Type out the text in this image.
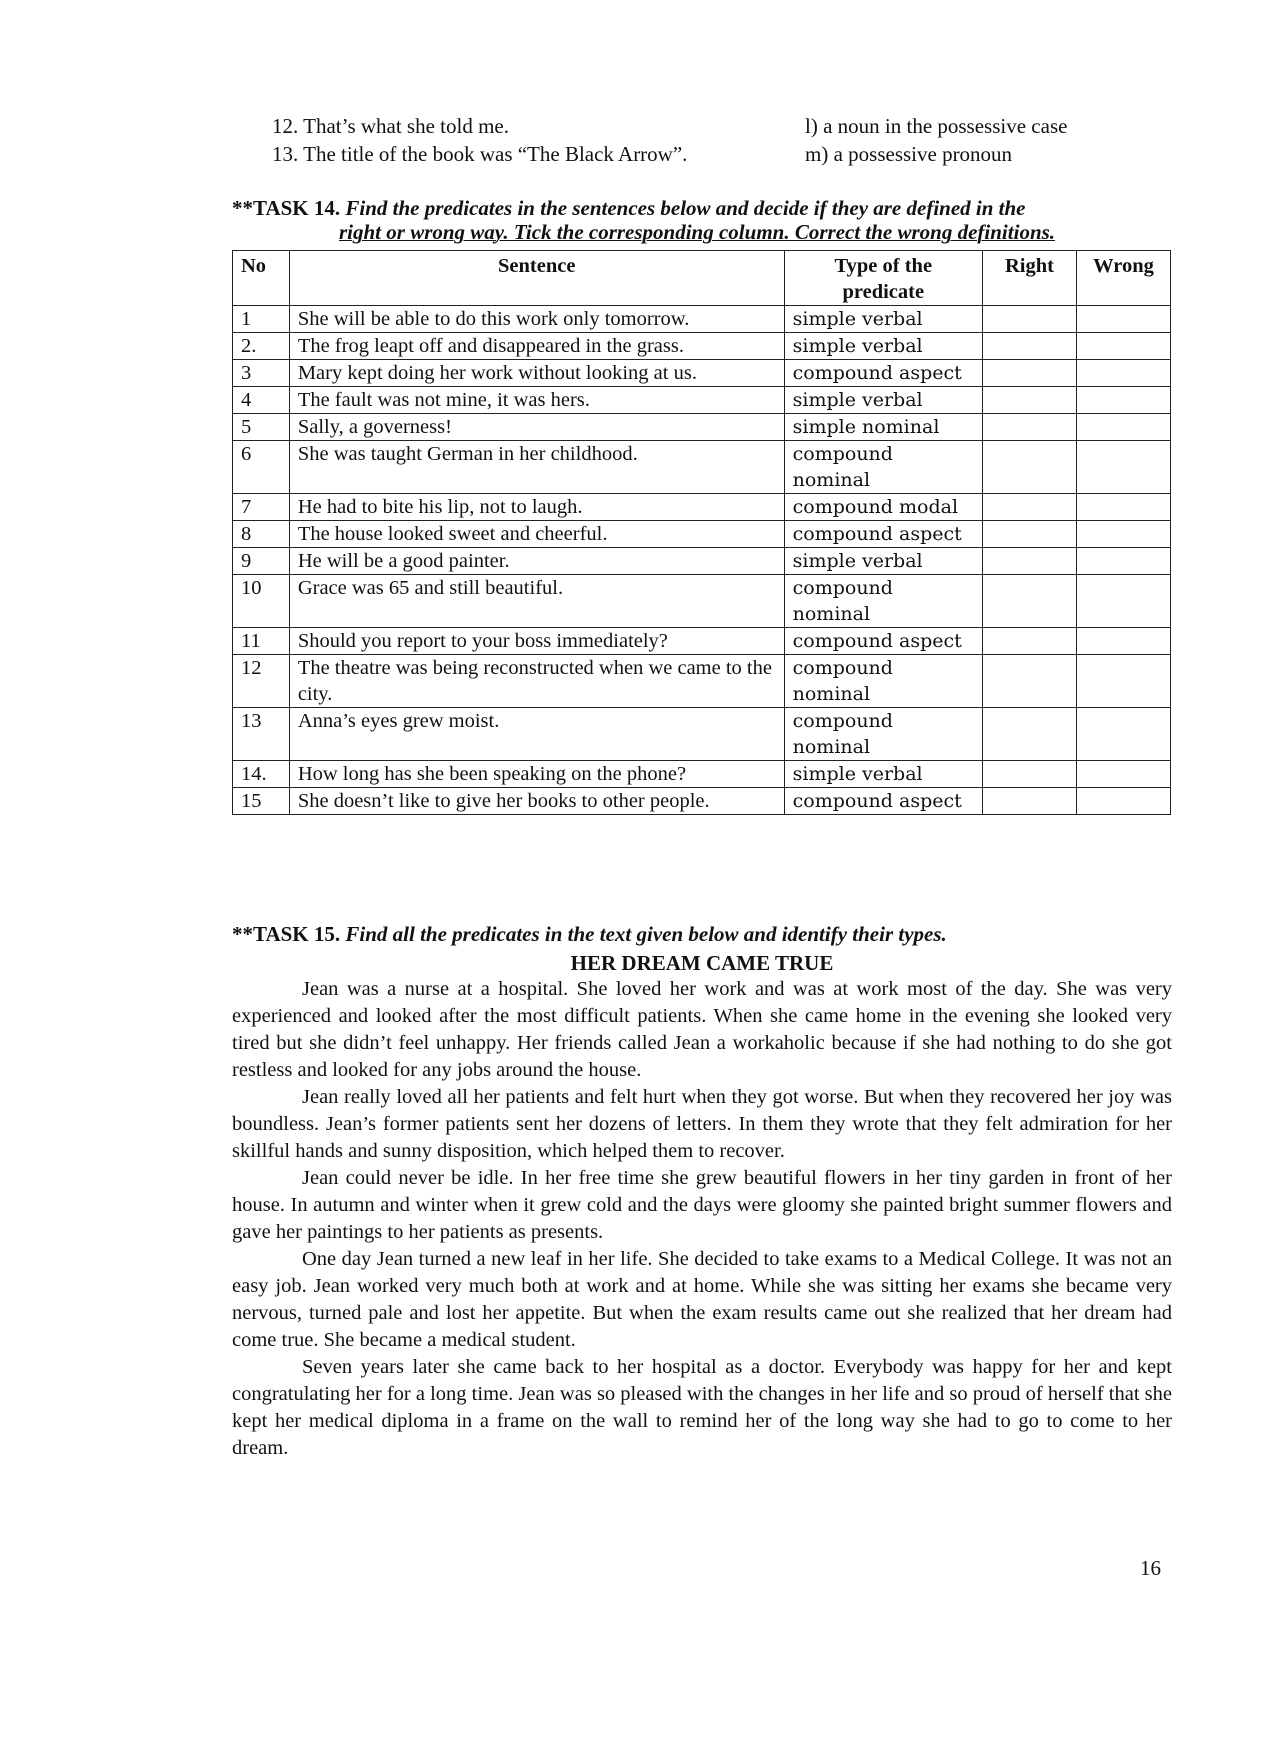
12. That’s what she told me.	l) a noun in the possessive case
13. The title of the book was “The Black Arrow”.	m) a possessive pronoun
**TASK 14. Find the predicates in the sentences below and decide if they are defined in the
right or wrong way. Tick the corresponding column. Correct the wrong definitions.
No	Sentence	Type of the predicate	Right	Wrong
1	She will be able to do this work only tomorrow.	simple verbal		
2.	The frog leapt off and disappeared in the grass.	simple verbal		
3	Mary kept doing her work without looking at us.	compound aspect		
4	The fault was not mine, it was hers.	simple verbal		
5	Sally, a governess!	simple nominal		
6	She was taught German in her childhood.	compound nominal		
7	He had to bite his lip, not to laugh.	compound modal		
8	The house looked sweet and cheerful.	compound aspect		
9	He will be a good painter.	simple verbal		
10	Grace was 65 and still beautiful.	compound nominal		
11	Should you report to your boss immediately?	compound aspect		
12	The theatre was being reconstructed when we came to the city.	compound nominal		
13	Anna’s eyes grew moist.	compound nominal		
14.	How long has she been speaking on the phone?	simple verbal		
15	She doesn’t like to give her books to other people.	compound aspect		
**TASK 15. Find all the predicates in the text given below and identify their types.
HER DREAM CAME TRUE

Jean was a nurse at a hospital. She loved her work and was at work most of the day. She was very experienced and looked after the most difficult patients. When she came home in the evening she looked very tired but she didn’t feel unhappy. Her friends called Jean a workaholic because if she had nothing to do she got restless and looked for any jobs around the house.

Jean really loved all her patients and felt hurt when they got worse. But when they recovered her joy was boundless. Jean’s former patients sent her dozens of letters. In them they wrote that they felt admiration for her skillful hands and sunny disposition, which helped them to recover.

Jean could never be idle. In her free time she grew beautiful flowers in her tiny garden in front of her house. In autumn and winter when it grew cold and the days were gloomy she painted bright summer flowers and gave her paintings to her patients as presents.

One day Jean turned a new leaf in her life. She decided to take exams to a Medical College. It was not an easy job. Jean worked very much both at work and at home. While she was sitting her exams she became very nervous, turned pale and lost her appetite. But when the exam results came out she realized that her dream had come true. She became a medical student.

Seven years later she came back to her hospital as a doctor. Everybody was happy for her and kept congratulating her for a long time. Jean was so pleased with the changes in her life and so proud of herself that she kept her medical diploma in a frame on the wall to remind her of the long way she had to go to come to her dream.

16
